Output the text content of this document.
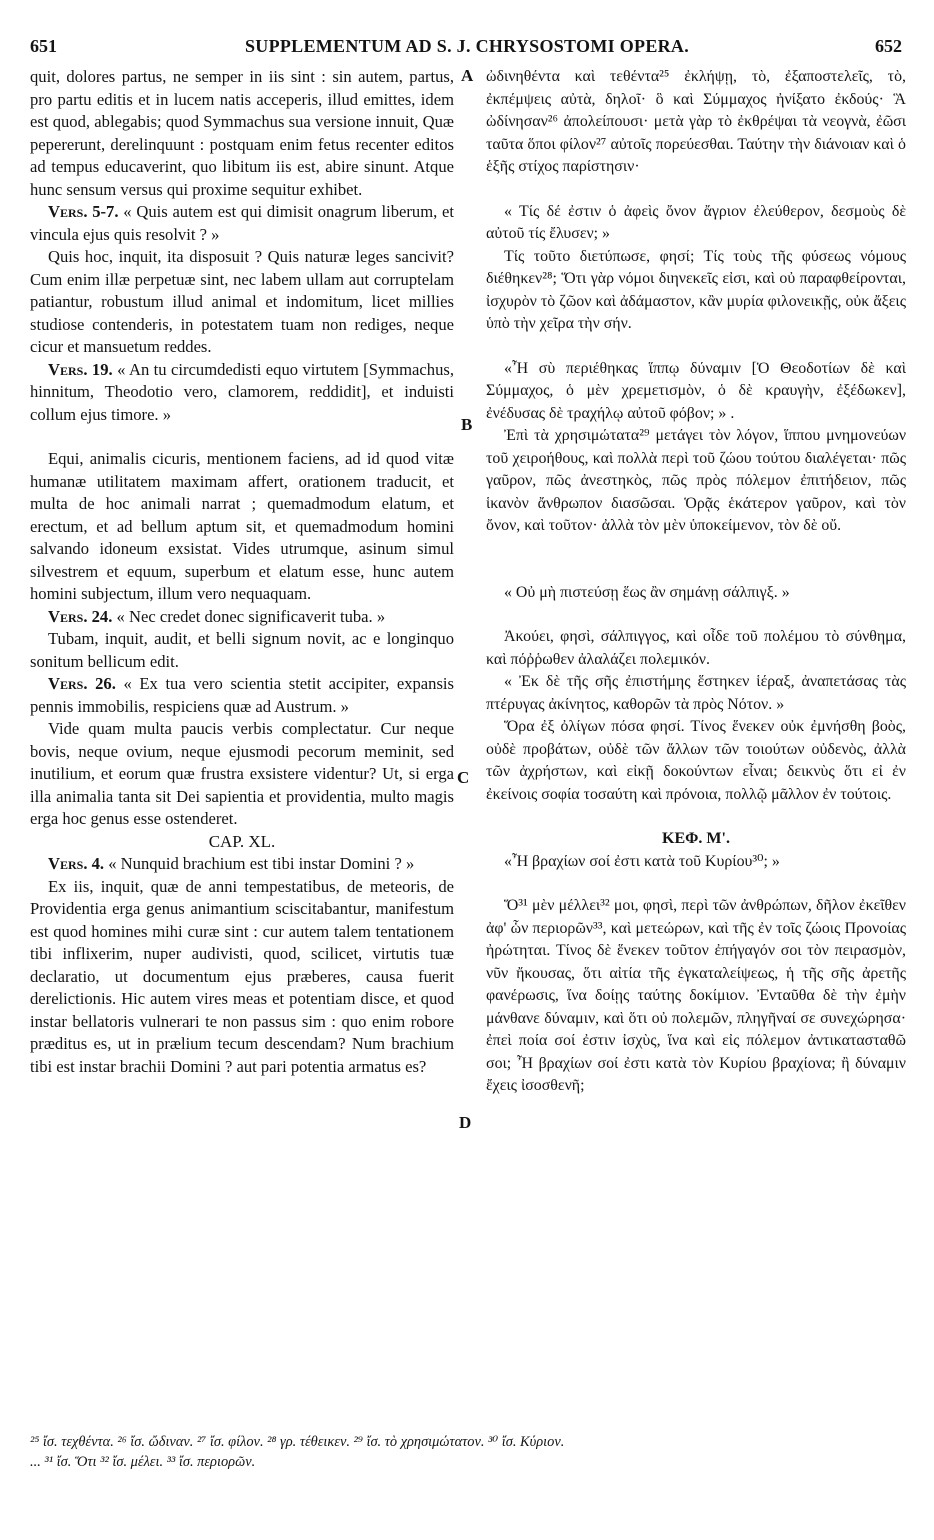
651	SUPPLEMENTUM AD S. J. CHRYSOSTOMI OPERA.	652
A
B
C
D

quit, dolores partus, ne semper in iis sint : sin autem, partus, pro partu editis et in lucem natis acceperis, illud emittes, idem est quod, ablegabis; quod Symmachus sua versione innuit, Quæ pepererunt, derelinquunt : postquam enim fetus recenter editos ad tempus educaverint, quo libitum iis est, abire sinunt. Atque hunc sensum versus qui proxime sequitur exhibet.

Vers. 5-7. « Quis autem est qui dimisit onagrum liberum, et vincula ejus quis resolvit ? »

Quis hoc, inquit, ita disposuit ? Quis naturæ leges sancivit? Cum enim illæ perpetuæ sint, nec labem ullam aut corruptelam patiantur, robustum illud animal et indomitum, licet millies studiose contenderis, in potestatem tuam non rediges, neque cicur et mansuetum reddes.

Vers. 19. « An tu circumdedisti equo virtutem [Symmachus, hinnitum, Theodotio vero, clamorem, reddidit], et induisti collum ejus timore. »

Equi, animalis cicuris, mentionem faciens, ad id quod vitæ humanæ utilitatem maximam affert, orationem traducit, et multa de hoc animali narrat ; quemadmodum elatum, et erectum, et ad bellum aptum sit, et quemadmodum homini salvando idoneum exsistat. Vides utrumque, asinum simul silvestrem et equum, superbum et elatum esse, hunc autem homini subjectum, illum vero nequaquam.

Vers. 24. « Nec credet donec significaverit tuba. »

Tubam, inquit, audit, et belli signum novit, ac e longinquo sonitum bellicum edit.

Vers. 26. « Ex tua vero scientia stetit accipiter, expansis pennis immobilis, respiciens quæ ad Austrum. »

Vide quam multa paucis verbis complectatur. Cur neque bovis, neque ovium, neque ejusmodi pecorum meminit, sed inutilium, et eorum quæ frustra exsistere videntur? Ut, si erga illa animalia tanta sit Dei sapientia et providentia, multo magis erga hoc genus esse ostenderet.

CAP. XL.

Vers. 4. « Nunquid brachium est tibi instar Domini ? »

Ex iis, inquit, quæ de anni tempestatibus, de meteoris, de Providentia erga genus animantium sciscitabantur, manifestum est quod homines mihi curæ sint : cur autem talem tentationem tibi inflixerim, nuper audivisti, quod, scilicet, virtutis tuæ declaratio, ut documentum ejus præberes, causa fuerit derelictionis. Hic autem vires meas et potentiam disce, et quod instar bellatoris vulnerari te non passus sim : quo enim robore præditus es, ut in prælium tecum descendam? Num brachium tibi est instar brachii Domini ? aut pari potentia armatus es?

ὠδινηθέντα καὶ τεθέντα²⁵ ἐκλήψῃ, τὸ, ἐξαποστελεῖς, τὸ, ἐκπέμψεις αὐτὰ, δηλοῖ· ὃ καὶ Σύμμαχος ἠνίξατο ἐκδούς· Ἃ ὠδίνησαν²⁶ ἀπολείπουσι· μετὰ γὰρ τὸ ἐκθρέψαι τὰ νεογνὰ, ἐῶσι ταῦτα ὅποι φίλον²⁷ αὐτοῖς πορεύεσθαι. Ταύτην τὴν διάνοιαν καὶ ὁ ἑξῆς στίχος παρίστησιν·

« Τίς δέ ἐστιν ὁ ἀφεὶς ὄνον ἄγριον ἐλεύθερον, δεσμοὺς δὲ αὐτοῦ τίς ἔλυσεν; »

Τίς τοῦτο διετύπωσε, φησί; Τίς τοὺς τῆς φύσεως νόμους διέθηκεν²⁸; Ὅτι γὰρ νόμοι διηνεκεῖς εἰσι, καὶ οὐ παραφθείρονται, ἰσχυρὸν τὸ ζῶον καὶ ἀδάμαστον, κἂν μυρία φιλονεικῇς, οὐκ ἄξεις ὑπὸ τὴν χεῖρα τὴν σήν.

«Ἦ σὺ περιέθηκας ἵππῳ δύναμιν [Ὁ Θεοδοτίων δὲ καὶ Σύμμαχος, ὁ μὲν χρεμετισμὸν, ὁ δὲ κραυγὴν, ἐξέδωκεν], ἐνέδυσας δὲ τραχήλῳ αὐτοῦ φόβον; » .

Ἐπὶ τὰ χρησιμώτατα²⁹ μετάγει τὸν λόγον, ἵππου μνημονεύων τοῦ χειροήθους, καὶ πολλὰ περὶ τοῦ ζώου τούτου διαλέγεται· πῶς γαῦρον, πῶς ἀνεστηκὸς, πῶς πρὸς πόλεμον ἐπιτήδειον, πῶς ἱκανὸν ἄνθρωπον διασῶσαι. Ὁρᾷς ἑκάτερον γαῦρον, καὶ τὸν ὄνον, καὶ τοῦτον· ἀλλὰ τὸν μὲν ὑποκείμενον, τὸν δὲ οὔ.

« Οὐ μὴ πιστεύσῃ ἕως ἂν σημάνῃ σάλπιγξ. »

Ἀκούει, φησὶ, σάλπιγγος, καὶ οἶδε τοῦ πολέμου τὸ σύνθημα, καὶ πόῤῥωθεν ἀλαλάζει πολεμικόν.

« Ἐκ δὲ τῆς σῆς ἐπιστήμης ἕστηκεν ἱέραξ, ἀναπετάσας τὰς πτέρυγας ἀκίνητος, καθορῶν τὰ πρὸς Νότον. »

Ὅρα ἐξ ὀλίγων πόσα φησί. Τίνος ἕνεκεν οὐκ ἐμνήσθη βοὸς, οὐδὲ προβάτων, οὐδὲ τῶν ἄλλων τῶν τοιούτων οὐδενὸς, ἀλλὰ τῶν ἀχρήστων, καὶ εἰκῇ δοκούντων εἶναι; δεικνὺς ὅτι εἰ ἐν ἐκείνοις σοφία τοσαύτη καὶ πρόνοια, πολλῷ μᾶλλον ἐν τούτοις.

ΚΕΦ. Μ'.

«Ἦ βραχίων σοί ἐστι κατὰ τοῦ Κυρίου³⁰; »

Ὅ³¹ μὲν μέλλει³² μοι, φησὶ, περὶ τῶν ἀνθρώπων, δῆλον ἐκεῖθεν ἀφ' ὧν περιορῶν³³, καὶ μετεώρων, καὶ τῆς ἐν τοῖς ζώοις Προνοίας ἠρώτηται. Τίνος δὲ ἕνεκεν τοῦτον ἐπήγαγόν σοι τὸν πειρασμὸν, νῦν ἤκουσας, ὅτι αἰτία τῆς ἐγκαταλείψεως, ἡ τῆς σῆς ἀρετῆς φανέρωσις, ἵνα δοίῃς ταύτης δοκίμιον. Ἐνταῦθα δὲ τὴν ἐμὴν μάνθανε δύναμιν, καὶ ὅτι οὐ πολεμῶν, πληγῆναί σε συνεχώρησα· ἐπεὶ ποία σοί ἐστιν ἰσχὺς, ἵνα καὶ εἰς πόλεμον ἀντικατασταθῶ σοι; Ἦ βραχίων σοί ἐστι κατὰ τὸν Κυρίου βραχίονα; ἢ δύναμιν ἔχεις ἰσοσθενῆ;

²⁵ ἴσ. τεχθέντα. ²⁶ ἴσ. ὤδιναν. ²⁷ ἴσ. φίλον. ²⁸ γρ. τέθεικεν. ²⁹ ἴσ. τὸ χρησιμώτατον. ³⁰ ἴσ. Κύριον.
... ³¹ ἴσ. Ὅτι ³² ἴσ. μέλει. ³³ ἴσ. περιορῶν.
